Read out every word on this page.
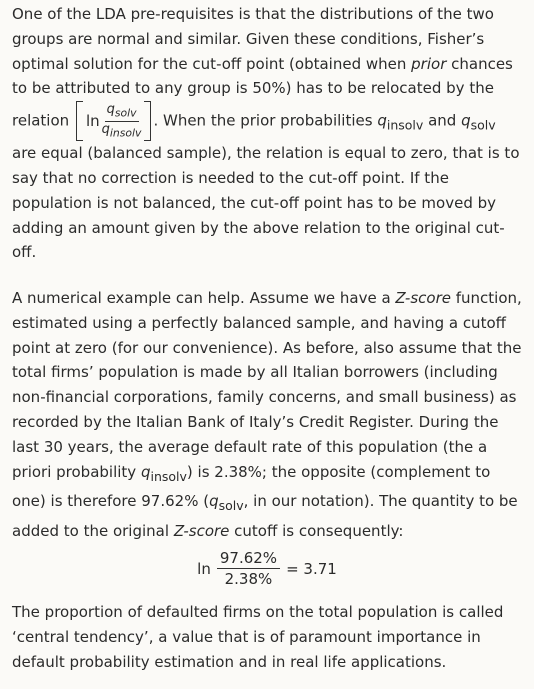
One of the LDA pre-requisites is that the distributions of the two groups are normal and similar. Given these conditions, Fisher’s optimal solution for the cut-off point (obtained when prior chances to be attributed to any group is 50%) has to be relocated by the relation $\ln \frac{q_{solv}}{q_{insolv}}$ . When the prior probabilities $q_{insolv}$ and $q_{solv}$ are equal (balanced sample), the relation is equal to zero, that is to say that no correction is needed to the cut-off point. If the population is not balanced, the cut-off point has to be moved by adding an amount given by the above relation to the original cut-off.

A numerical example can help. Assume we have a Z-score function, estimated using a perfectly balanced sample, and having a cutoff point at zero (for our convenience). As before, also assume that the total firms’ population is made by all Italian borrowers (including non-financial corporations, family concerns, and small business) as recorded by the Italian Bank of Italy’s Credit Register. During the last 30 years, the average default rate of this population (the a priori probability $q_{insolv}$) is 2.38%; the opposite (complement to one) is therefore 97.62% ($q_{solv}$, in our notation). The quantity to be added to the original Z-score cutoff is consequently:

$\ln \frac{97.62\%}{2.38\%} = 3.71$

The proportion of defaulted firms on the total population is called ‘central tendency’, a value that is of paramount importance in default probability estimation and in real life applications.
